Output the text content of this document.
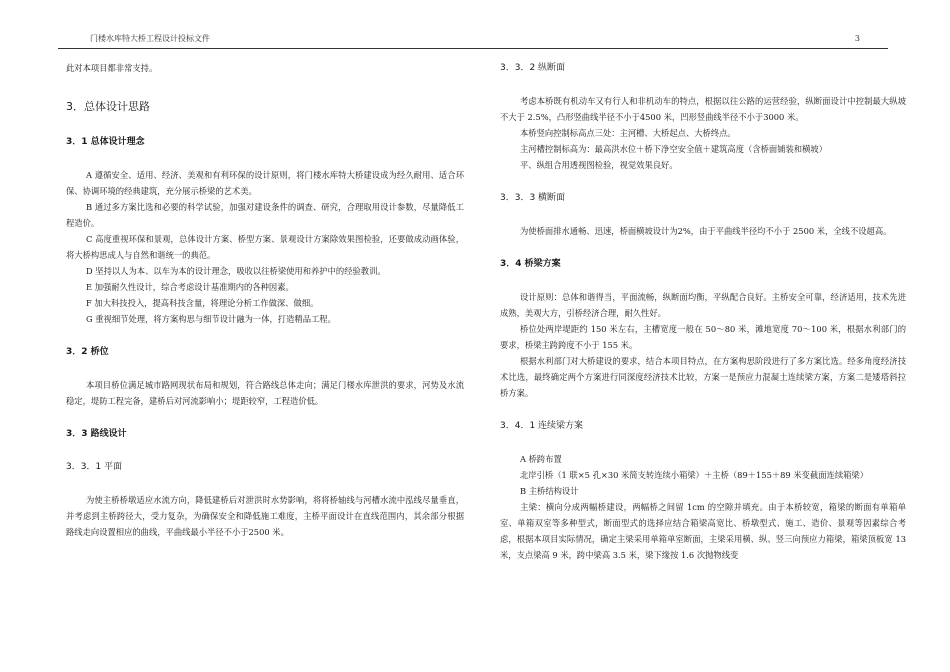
门楼水库特大桥工程设计投标文件	3

此对本项目都非常支持。

3．总体设计思路
3．1 总体设计理念

A 遵循安全、适用、经济、美观和有利环保的设计原则，将门楼水库特大桥建设成为经久耐用、适合环保、协调环境的经典建筑，充分展示桥梁的艺术美。

B 通过多方案比选和必要的科学试验，加强对建设条件的调查、研究，合理取用设计参数，尽量降低工程造价。

C 高度重视环保和景观，总体设计方案、桥型方案、景观设计方案除效果图检验，还要做成动画体验，将大桥构思成人与自然和谐统一的典范。

D 坚持以人为本、以车为本的设计理念，吸收以往桥梁使用和养护中的经验教训。

E 加强耐久性设计，综合考虑设计基准期内的各种因素。

F 加大科技投入，提高科技含量，将理论分析工作做深、做细。

G 重视细节处理，将方案构思与细节设计融为一体，打造精品工程。

3．2 桥位

本项目桥位满足城市路网现状布局和规划，符合路线总体走向；满足门楼水库泄洪的要求，河势及水流稳定，堤防工程完备，建桥后对河流影响小；堤距较窄，工程造价低。

3．3 路线设计
3．3．1 平面

为使主桥桥墩适应水流方向，降低建桥后对泄洪时水势影响，将将桥轴线与河槽水流中泓线尽量垂直，并考虑到主桥跨径大，受力复杂，为确保安全和降低施工难度，主桥平面设计在直线范围内，其余部分根据路线走向设置相应的曲线，平曲线最小半径不小于2500 米。

3．3．2 纵断面

考虑本桥既有机动车又有行人和非机动车的特点，根据以往公路的运营经验，纵断面设计中控制最大纵坡不大于 2.5%，凸形竖曲线半径不小于4500 米，凹形竖曲线半径不小于3000 米。

本桥竖向控制标高点三处：主河槽、大桥起点、大桥终点。

主河槽控制标高为：最高洪水位＋桥下净空安全值＋建筑高度（含桥面铺装和横坡）

平、纵组合用透视图检验，视觉效果良好。

3．3．3 横断面

为使桥面排水通畅、迅速，桥面横坡设计为2%，由于平曲线半径均不小于 2500 米，全线不设超高。

3．4 桥梁方案

设计原则：总体和谐得当，平面流畅，纵断面均衡，平纵配合良好。主桥安全可靠，经济适用，技术先进成熟，美观大方，引桥经济合理，耐久性好。

桥位处两岸堤距约 150 米左右，主槽宽度一般在 50～80 米，滩地宽度 70～100 米，根据水利部门的要求，桥梁主跨跨度不小于 155 米。

根据水利部门对大桥建设的要求，结合本项目特点，在方案构思阶段进行了多方案比选。经多角度经济技术比选，最终确定两个方案进行同深度经济技术比较，方案一是预应力混凝土连续梁方案，方案二是矮塔斜拉桥方案。

3．4．1 连续梁方案

A 桥跨布置

北岸引桥（1 联×5 孔×30 米简支转连续小箱梁）＋主桥（89＋155＋89 米变截面连续箱梁）

B 主桥结构设计

主梁：横向分成两幅桥建设，两幅桥之间留 1cm 的空隙并填充。由于本桥较宽，箱梁的断面有单箱单室、单箱双室等多种型式，断面型式的选择应结合箱梁高宽比、桥墩型式、施工、造价、景观等因素综合考虑，根据本项目实际情况，确定主梁采用单箱单室断面，主梁采用横、纵、竖三向预应力箱梁，箱梁顶板宽 13 米，支点梁高 9 米，跨中梁高 3.5 米，梁下缘按 1.6 次抛物线变
